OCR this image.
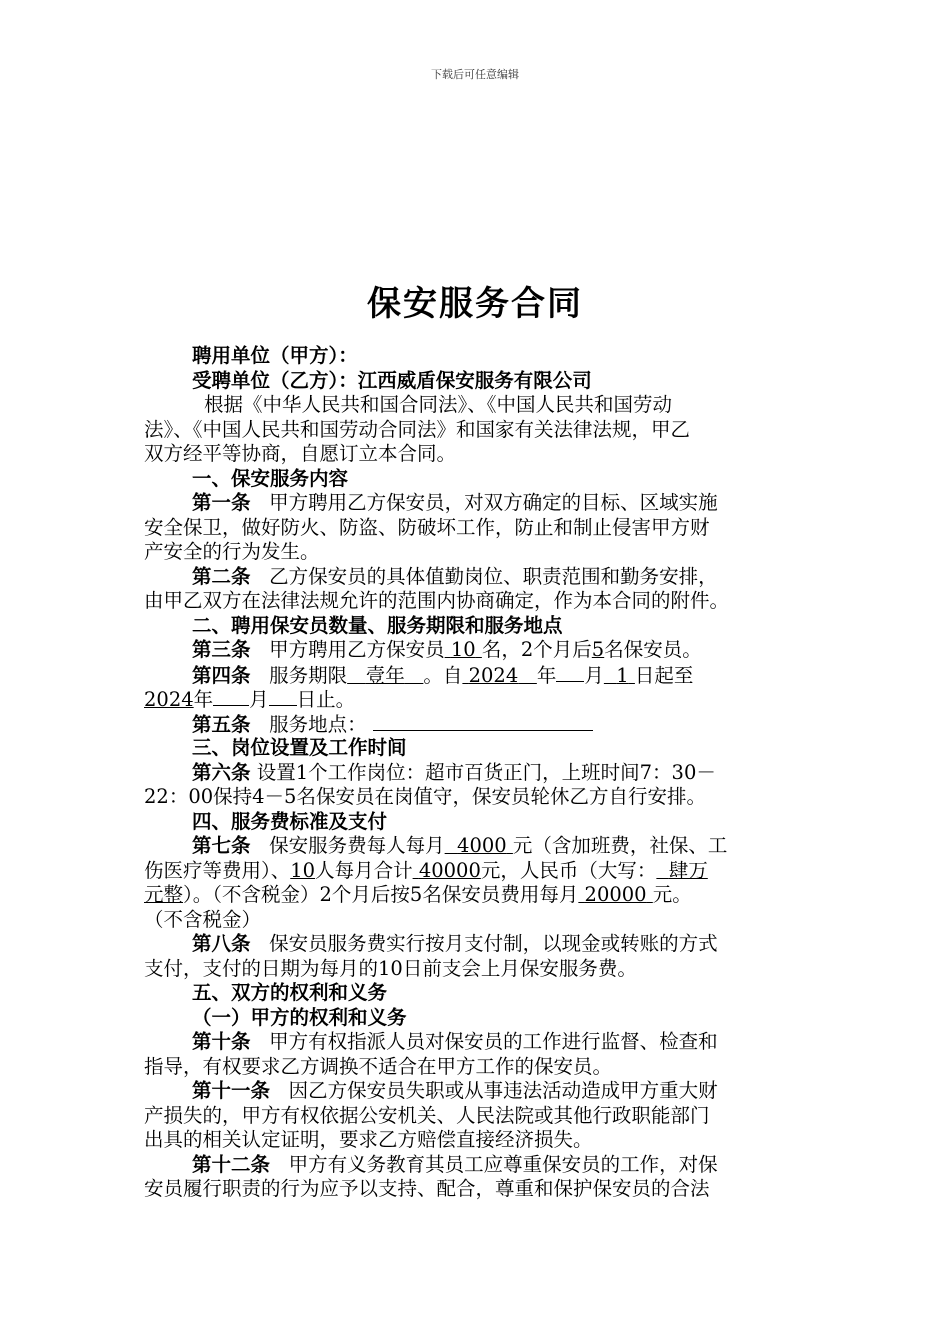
下载后可任意编辑
保安服务合同
聘用单位（甲方）：
受聘单位（乙方）：江西威盾保安服务有限公司
根据《中华人民共和国合同法》、《中国人民共和国劳动
法》、《中国人民共和国劳动合同法》和国家有关法律法规，甲乙
双方经平等协商，自愿订立本合同。
一、保安服务内容
第一条 甲方聘用乙方保安员，对双方确定的目标、区域实施
安全保卫，做好防火、防盗、防破坏工作，防止和制止侵害甲方财
产安全的行为发生。
第二条 乙方保安员的具体值勤岗位、职责范围和勤务安排，
由甲乙双方在法律法规允许的范围内协商确定，作为本合同的附件。
二、聘用保安员数量、服务期限和服务地点
第三条 甲方聘用乙方保安员 10 名，2个月后5名保安员。
第四条 服务期限 壹年 。自 2024 年 月 1 日起至
2024年 月 日止。
第五条 服务地点：
三、岗位设置及工作时间
第六条 设置1个工作岗位：超市百货正门，上班时间7：30－
22：00保持4－5名保安员在岗值守，保安员轮休乙方自行安排。
四、服务费标准及支付
第七条 保安服务费每人每月 4000 元（含加班费，社保、工
伤医疗等费用）、10人每月合计 40000元，人民币（大写： 肆万
元整）。（不含税金）2个月后按5名保安员费用每月 20000 元。
（不含税金）
第八条 保安员服务费实行按月支付制，以现金或转账的方式
支付，支付的日期为每月的10日前支会上月保安服务费。
五、双方的权利和义务
（一）甲方的权利和义务
第十条 甲方有权指派人员对保安员的工作进行监督、检查和
指导，有权要求乙方调换不适合在甲方工作的保安员。
第十一条 因乙方保安员失职或从事违法活动造成甲方重大财
产损失的，甲方有权依据公安机关、人民法院或其他行政职能部门
出具的相关认定证明，要求乙方赔偿直接经济损失。
第十二条 甲方有义务教育其员工应尊重保安员的工作，对保
安员履行职责的行为应予以支持、配合，尊重和保护保安员的合法
